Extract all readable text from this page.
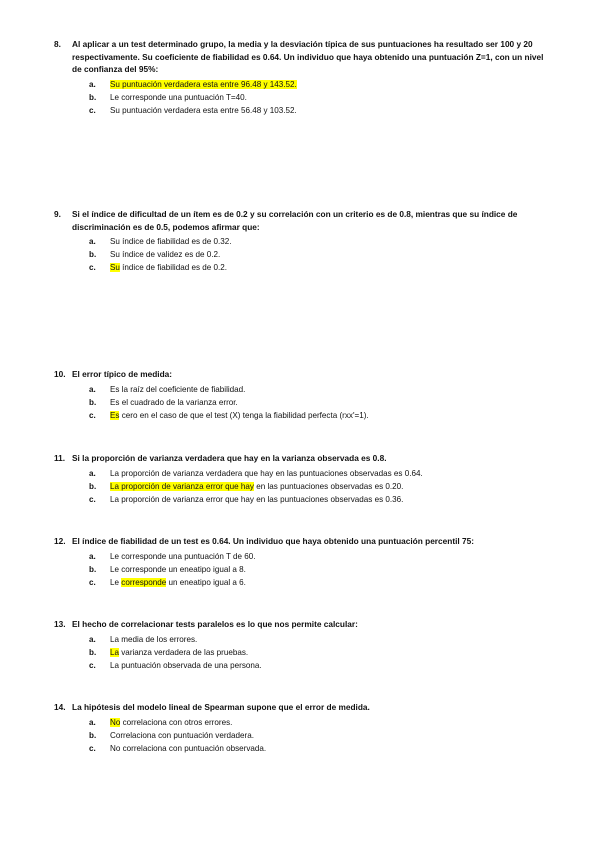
8. Al aplicar a un test determinado grupo, la media y la desviación típica de sus puntuaciones ha resultado ser 100 y 20 respectivamente. Su coeficiente de fiabilidad es 0.64. Un individuo que haya obtenido una puntuación Z=1, con un nivel de confianza del 95%:
a. Su puntuación verdadera esta entre 96.48 y 143.52.
b. Le corresponde una puntuación T=40.
c. Su puntuación verdadera esta entre 56.48 y 103.52.
9. Si el índice de dificultad de un ítem es de 0.2 y su correlación con un criterio es de 0.8, mientras que su índice de discriminación es de 0.5, podemos afirmar que:
a. Su índice de fiabilidad es de 0.32.
b. Su índice de validez es de 0.2.
c. Su índice de fiabilidad es de 0.2.
10. El error típico de medida:
a. Es la raíz del coeficiente de fiabilidad.
b. Es el cuadrado de la varianza error.
c. Es cero en el caso de que el test (X) tenga la fiabilidad perfecta (rxx'=1).
11. Si la proporción de varianza verdadera que hay en la varianza observada es 0.8.
a. La proporción de varianza verdadera que hay en las puntuaciones observadas es 0.64.
b. La proporción de varianza error que hay en las puntuaciones observadas es 0.20.
c. La proporción de varianza error que hay en las puntuaciones observadas es 0.36.
12. El índice de fiabilidad de un test es 0.64. Un individuo que haya obtenido una puntuación percentil 75:
a. Le corresponde una puntuación T de 60.
b. Le corresponde un eneatipo igual a 8.
c. Le corresponde un eneatipo igual a 6.
13. El hecho de correlacionar tests paralelos es lo que nos permite calcular:
a. La media de los errores.
b. La varianza verdadera de las pruebas.
c. La puntuación observada de una persona.
14. La hipótesis del modelo lineal de Spearman supone que el error de medida.
a. No correlaciona con otros errores.
b. Correlaciona con puntuación verdadera.
c. No correlaciona con puntuación observada.
